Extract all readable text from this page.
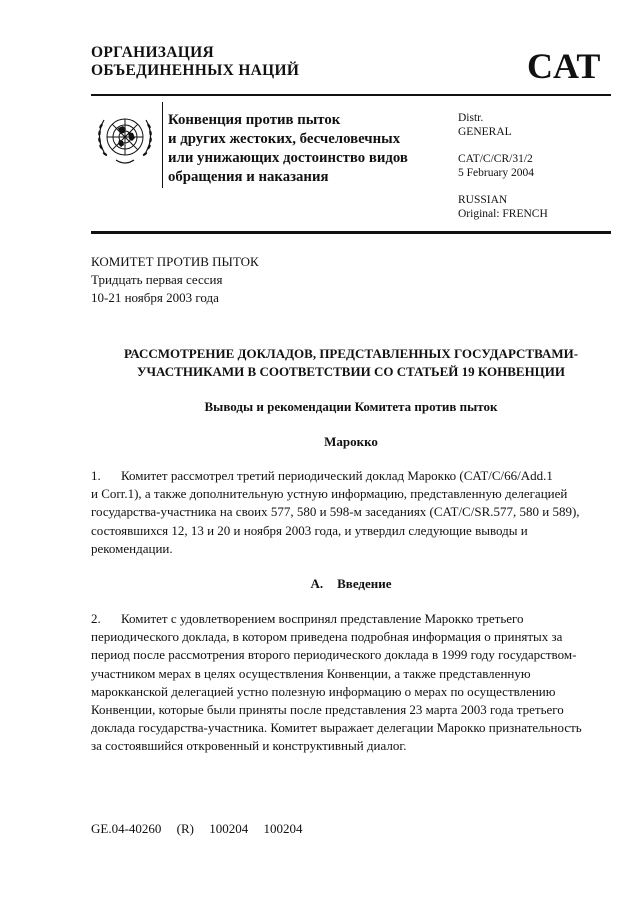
ОРГАНИЗАЦИЯ
ОБЪЕДИНЕННЫХ НАЦИЙ	CAT
Конвенция против пыток
и других жестоких, бесчеловечных
или унижающих достоинство видов
обращения и наказания
Distr.
GENERAL
CAT/C/CR/31/2
5 February 2004
RUSSIAN
Original: FRENCH
КОМИТЕТ ПРОТИВ ПЫТОК
Тридцать первая сессия
10-21 ноября 2003 года
РАССМОТРЕНИЕ ДОКЛАДОВ, ПРЕДСТАВЛЕННЫХ ГОСУДАРСТВАМИ-
УЧАСТНИКАМИ В СООТВЕТСТВИИ СО СТАТЬЕЙ 19 КОНВЕНЦИИ
Выводы и рекомендации Комитета против пыток
Марокко
1. Комитет рассмотрел третий периодический доклад Марокко (CAT/C/66/Add.1
и Corr.1), а также дополнительную устную информацию, представленную делегацией
государства-участника на своих 577, 580 и 598-м заседаниях (CAT/C/SR.577, 580 и 589),
состоявшихся 12, 13 и 20 и ноября 2003 года, и утвердил следующие выводы и
рекомендации.
A. Введение
2. Комитет с удовлетворением воспринял представление Марокко третьего
периодического доклада, в котором приведена подробная информация о принятых за
период после рассмотрения второго периодического доклада в 1999 году государством-
участником мерах в целях осуществления Конвенции, а также представленную
марокканской делегацией устно полезную информацию о мерах по осуществлению
Конвенции, которые были приняты после представления 23 марта 2003 года третьего
доклада государства-участника. Комитет выражает делегации Марокко признательность
за состоявшийся откровенный и конструктивный диалог.
GE.04-40260 (R) 100204 100204
